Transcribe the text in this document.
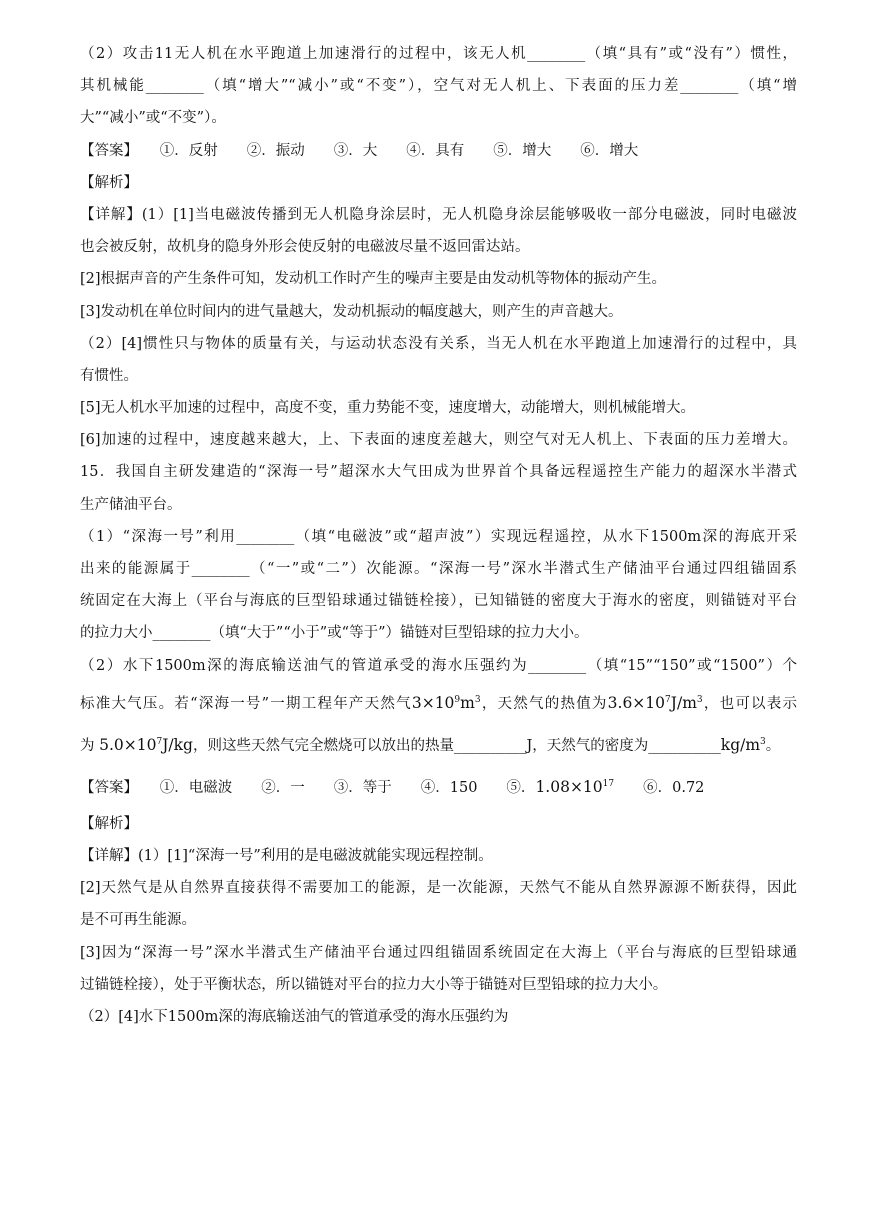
（2）攻击11无人机在水平跑道上加速滑行的过程中，该无人机________（填“具有”或“没有”）惯性，
其机械能________（填“增大”“减小”或“不变”），空气对无人机上、下表面的压力差________（填“增
大”“减小”或“不变”）。
【答案】　　①．反射　　②．振动　　③．大　　④．具有　　⑤．增大　　⑥．增大
【解析】
【详解】(1）[1]当电磁波传播到无人机隐身涂层时，无人机隐身涂层能够吸收一部分电磁波，同时电磁波
也会被反射，故机身的隐身外形会使反射的电磁波尽量不返回雷达站。
[2]根据声音的产生条件可知，发动机工作时产生的噪声主要是由发动机等物体的振动产生。
[3]发动机在单位时间内的进气量越大，发动机振动的幅度越大，则产生的声音越大。
（2）[4]惯性只与物体的质量有关，与运动状态没有关系，当无人机在水平跑道上加速滑行的过程中，具
有惯性。
[5]无人机水平加速的过程中，高度不变，重力势能不变，速度增大，动能增大，则机械能增大。
[6]加速的过程中，速度越来越大，上、下表面的速度差越大，则空气对无人机上、下表面的压力差增大。
15．我国自主研发建造的“深海一号”超深水大气田成为世界首个具备远程遥控生产能力的超深水半潜式
生产储油平台。
（1）“深海一号”利用________（填“电磁波”或“超声波”）实现远程遥控，从水下1500m深的海底开采
出来的能源属于________（“一”或“二”）次能源。“深海一号”深水半潜式生产储油平台通过四组锚固系
统固定在大海上（平台与海底的巨型铅球通过锚链栓接），已知锚链的密度大于海水的密度，则锚链对平台
的拉力大小________（填“大于”“小于”或“等于”）锚链对巨型铅球的拉力大小。
（2）水下1500m深的海底输送油气的管道承受的海水压强约为________（填“15”“150”或“1500”）个
标准大气压。若“深海一号”一期工程年产天然气$3\times 10^9m^3$，天然气的热值为$3.6\times 10^7J/m^3$，也可以表示
为 $5.0\times 10^7J/kg$，则这些天然气完全燃烧可以放出的热量__________J，天然气的密度为$\_\_\_\_\_\_\_\_\_\_kg/m^3$。
【答案】　　①．电磁波　　②．一　　③．等于　　④．150　　⑤．$1.08\times 10^{17}$　　⑥．0.72
【解析】
【详解】(1）[1]“深海一号”利用的是电磁波就能实现远程控制。
[2]天然气是从自然界直接获得不需要加工的能源，是一次能源，天然气不能从自然界源源不断获得，因此
是不可再生能源。
[3]因为“深海一号”深水半潜式生产储油平台通过四组锚固系统固定在大海上（平台与海底的巨型铅球通
过锚链栓接），处于平衡状态，所以锚链对平台的拉力大小等于锚链对巨型铅球的拉力大小。
（2）[4]水下1500m深的海底输送油气的管道承受的海水压强约为
